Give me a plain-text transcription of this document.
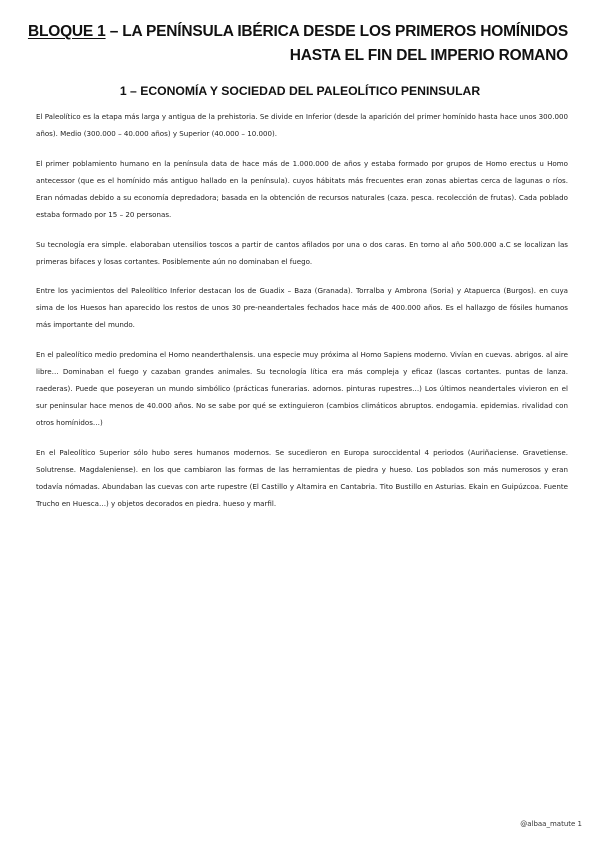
BLOQUE 1 – LA PENÍNSULA IBÉRICA DESDE LOS PRIMEROS HOMÍNIDOS
HASTA EL FIN DEL IMPERIO ROMANO
1 – ECONOMÍA Y SOCIEDAD DEL PALEOLÍTICO PENINSULAR

El Paleolítico es la etapa más larga y antigua de la prehistoria. Se divide en Inferior (desde la aparición del primer homínido hasta hace unos 300.000 años). Medio (300.000 – 40.000 años) y Superior (40.000 – 10.000).

El primer poblamiento humano en la península data de hace más de 1.000.000 de años y estaba formado por grupos de Homo erectus u Homo antecessor (que es el homínido más antiguo hallado en la península). cuyos hábitats más frecuentes eran zonas abiertas cerca de lagunas o ríos. Eran nómadas debido a su economía depredadora; basada en la obtención de recursos naturales (caza. pesca. recolección de frutas). Cada poblado estaba formado por 15 – 20 personas.

Su tecnología era simple. elaboraban utensilios toscos a partir de cantos afilados por una o dos caras. En torno al año 500.000 a.C se localizan las primeras bifaces y losas cortantes. Posiblemente aún no dominaban el fuego.

Entre los yacimientos del Paleolítico Inferior destacan los de Guadix – Baza (Granada). Torralba y Ambrona (Soria) y Atapuerca (Burgos). en cuya sima de los Huesos han aparecido los restos de unos 30 pre-neandertales fechados hace más de 400.000 años. Es el hallazgo de fósiles humanos más importante del mundo.

En el paleolítico medio predomina el Homo neanderthalensis. una especie muy próxima al Homo Sapiens moderno. Vivían en cuevas. abrigos. al aire libre… Dominaban el fuego y cazaban grandes animales. Su tecnología lítica era más compleja y eficaz (lascas cortantes. puntas de lanza. raederas). Puede que poseyeran un mundo simbólico (prácticas funerarias. adornos. pinturas rupestres…) Los últimos neandertales vivieron en el sur peninsular hace menos de 40.000 años. No se sabe por qué se extinguieron (cambios climáticos abruptos. endogamia. epidemias. rivalidad con otros homínidos…)

En el Paleolítico Superior sólo hubo seres humanos modernos. Se sucedieron en Europa suroccidental 4 periodos (Auriñaciense. Gravetiense. Solutrense. Magdaleniense). en los que cambiaron las formas de las herramientas de piedra y hueso. Los poblados son más numerosos y eran todavía nómadas. Abundaban las cuevas con arte rupestre (El Castillo y Altamira en Cantabria. Tito Bustillo en Asturias. Ekain en Guipúzcoa. Fuente Trucho en Huesca…) y objetos decorados en piedra. hueso y marfil.

@albaa_matute 1
